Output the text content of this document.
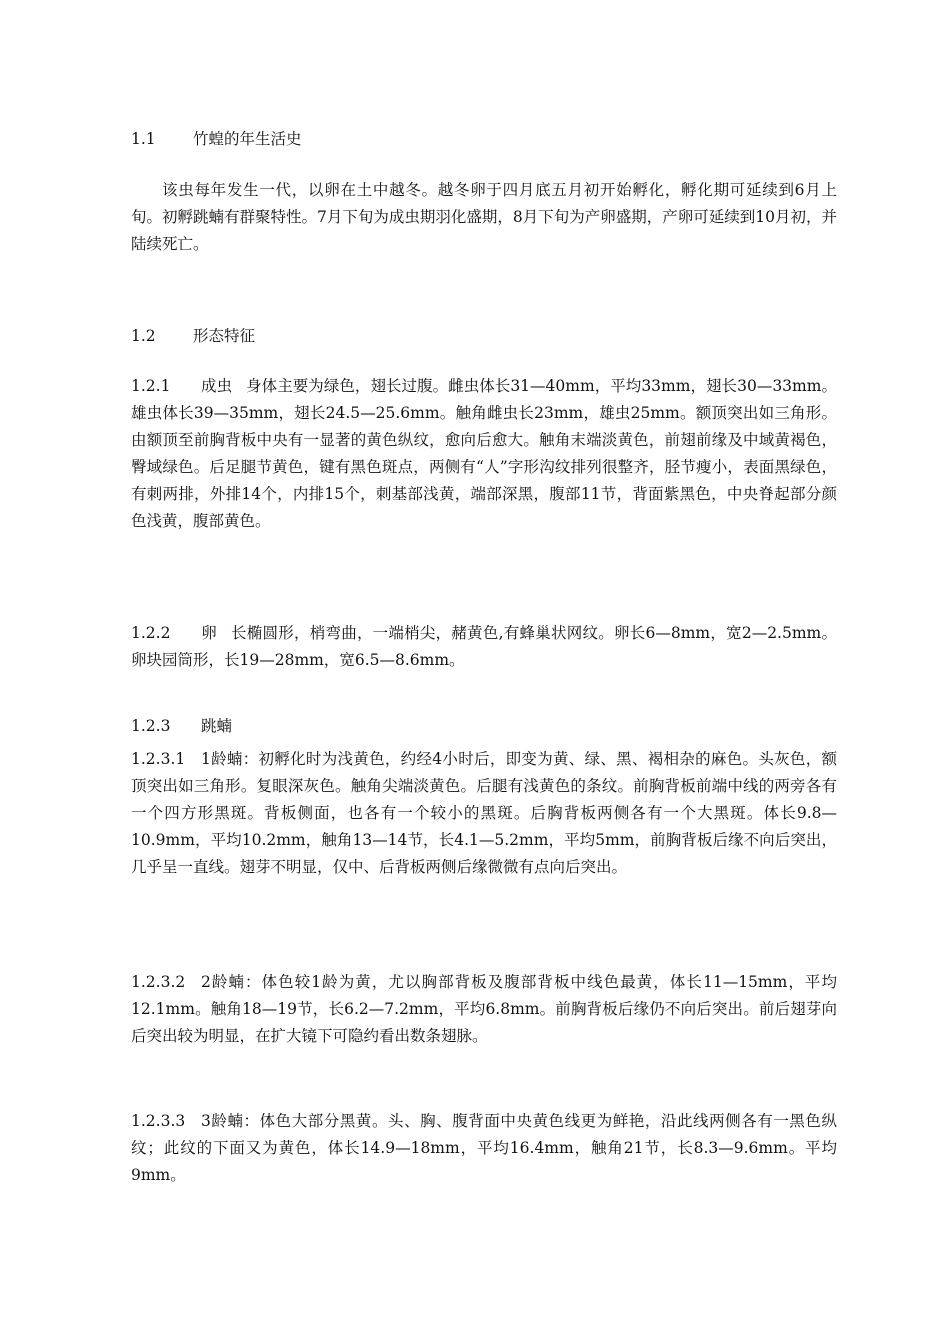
1.1 竹蝗的年生活史
该虫每年发生一代，以卵在土中越冬。越冬卵于四月底五月初开始孵化，孵化期可延续到6月上旬。初孵跳蝻有群聚特性。7月下旬为成虫期羽化盛期，8月下旬为产卵盛期，产卵可延续到10月初，并陆续死亡。
1.2 形态特征
1.2.1 成虫 身体主要为绿色，翅长过腹。雌虫体长31—40mm，平均33mm，翅长30—33mm。雄虫体长39—35mm，翅长24.5—25.6mm。触角雌虫长23mm，雄虫25mm。额顶突出如三角形。由额顶至前胸背板中央有一显著的黄色纵纹，愈向后愈大。触角末端淡黄色，前翅前缘及中域黄褐色，臀域绿色。后足腿节黄色，键有黑色斑点，两侧有“人”字形沟纹排列很整齐，胫节瘦小，表面黑绿色，有刺两排，外排14个，内排15个，刺基部浅黄，端部深黑，腹部11节，背面紫黑色，中央脊起部分颜色浅黄，腹部黄色。
1.2.2 卵 长椭圆形，梢弯曲，一端梢尖，赭黄色,有蜂巢状网纹。卵长6—8mm，宽2—2.5mm。卵块园筒形，长19—28mm，宽6.5—8.6mm。
1.2.3 跳蝻
1.2.3.1 1龄蝻：初孵化时为浅黄色，约经4小时后，即变为黄、绿、黑、褐相杂的麻色。头灰色，额顶突出如三角形。复眼深灰色。触角尖端淡黄色。后腿有浅黄色的条纹。前胸背板前端中线的两旁各有一个四方形黑斑。背板侧面，也各有一个较小的黑斑。后胸背板两侧各有一个大黑斑。体长9.8—10.9mm，平均10.2mm，触角13—14节，长4.1—5.2mm，平均5mm，前胸背板后缘不向后突出，几乎呈一直线。翅芽不明显，仅中、后背板两侧后缘微微有点向后突出。
1.2.3.2 2龄蝻：体色较1龄为黄，尤以胸部背板及腹部背板中线色最黄，体长11—15mm，平均12.1mm。触角18—19节，长6.2—7.2mm，平均6.8mm。前胸背板后缘仍不向后突出。前后翅芽向后突出较为明显，在扩大镜下可隐约看出数条翅脉。
1.2.3.3 3龄蝻：体色大部分黑黄。头、胸、腹背面中央黄色线更为鲜艳，沿此线两侧各有一黑色纵纹；此纹的下面又为黄色，体长14.9—18mm，平均16.4mm，触角21节，长8.3—9.6mm。平均9mm。
